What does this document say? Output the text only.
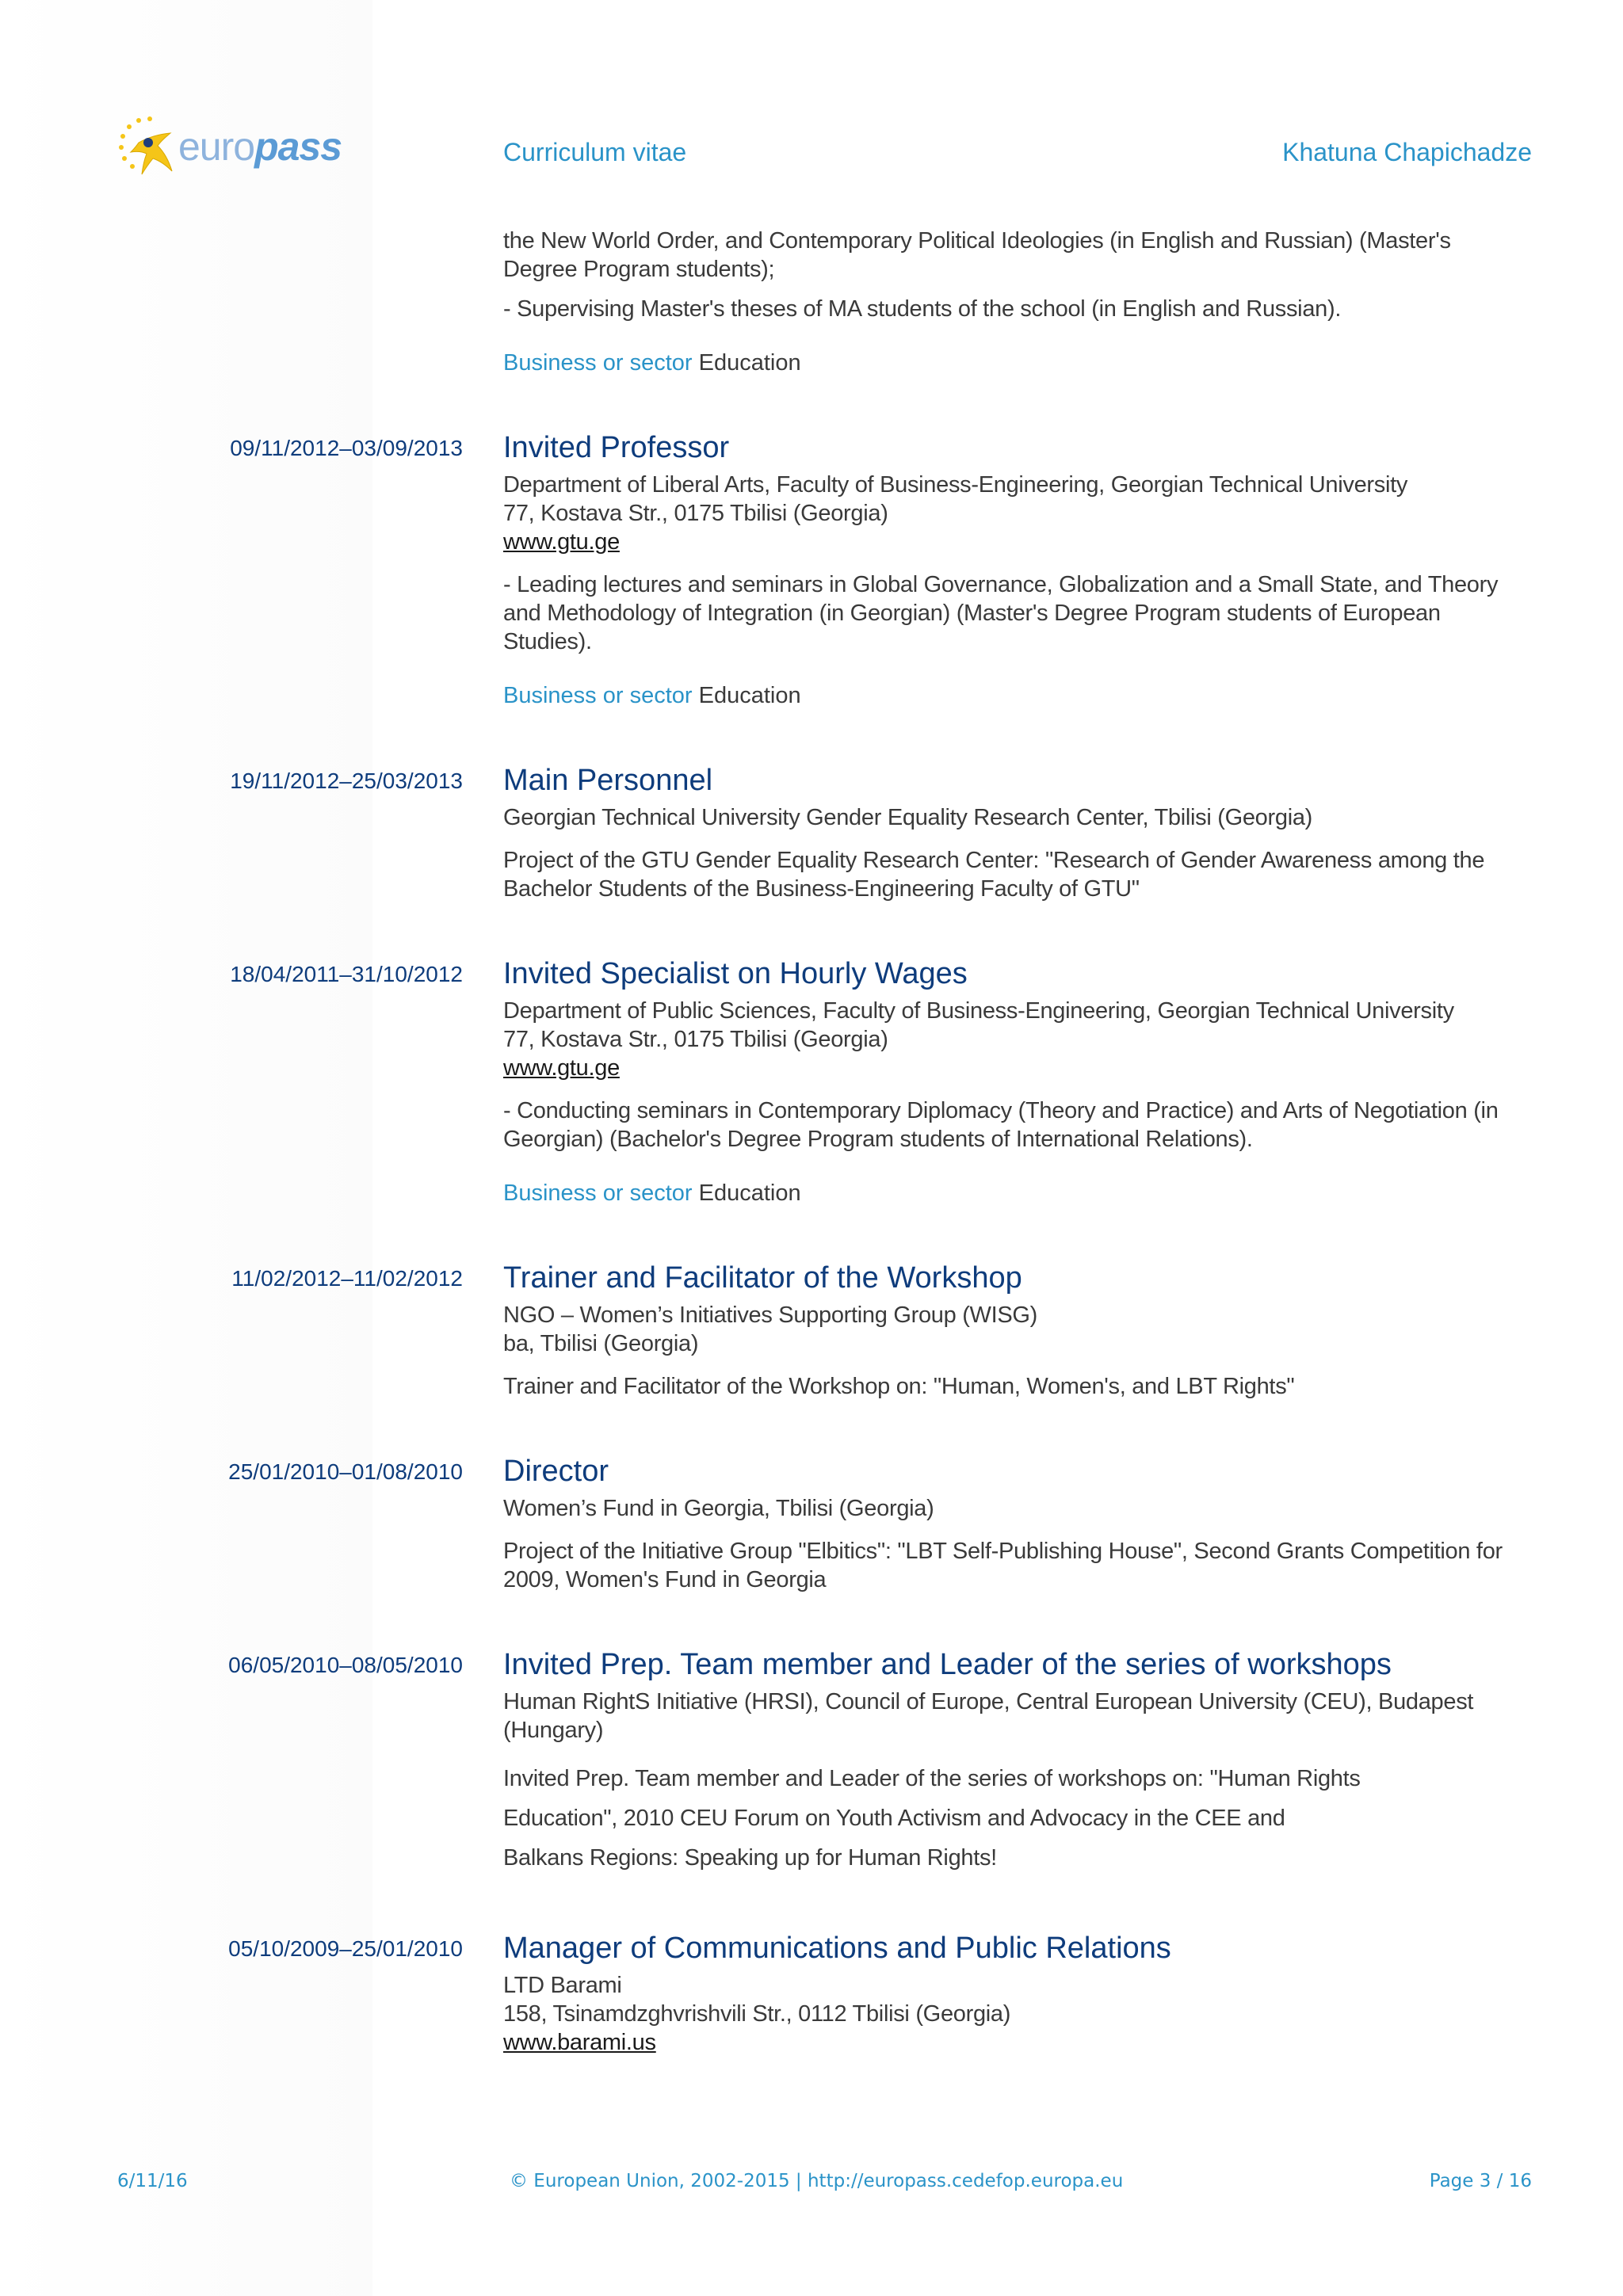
europass	Curriculum vitae	Khatuna Chapichadze
the New World Order, and Contemporary Political Ideologies (in English and Russian) (Master's
Degree Program students);
- Supervising Master's theses of MA students of the school (in English and Russian).
Business or sector Education
09/11/2012–03/09/2013 Invited Professor
Department of Liberal Arts, Faculty of Business-Engineering, Georgian Technical University
77, Kostava Str., 0175 Tbilisi (Georgia)
www.gtu.ge
- Leading lectures and seminars in Global Governance, Globalization and a Small State, and Theory
and Methodology of Integration (in Georgian) (Master's Degree Program students of European
Studies).
Business or sector Education
19/11/2012–25/03/2013 Main Personnel
Georgian Technical University Gender Equality Research Center, Tbilisi (Georgia)
Project of the GTU Gender Equality Research Center: "Research of Gender Awareness among the
Bachelor Students of the Business-Engineering Faculty of GTU"
18/04/2011–31/10/2012 Invited Specialist on Hourly Wages
Department of Public Sciences, Faculty of Business-Engineering, Georgian Technical University
77, Kostava Str., 0175 Tbilisi (Georgia)
www.gtu.ge
- Conducting seminars in Contemporary Diplomacy (Theory and Practice) and Arts of Negotiation (in
Georgian) (Bachelor's Degree Program students of International Relations).
Business or sector Education
11/02/2012–11/02/2012 Trainer and Facilitator of the Workshop
NGO – Women’s Initiatives Supporting Group (WISG)
ba, Tbilisi (Georgia)
Trainer and Facilitator of the Workshop on: "Human, Women's, and LBT Rights"
25/01/2010–01/08/2010 Director
Women’s Fund in Georgia, Tbilisi (Georgia)
Project of the Initiative Group "Elbitics": "LBT Self-Publishing House", Second Grants Competition for
2009, Women's Fund in Georgia
06/05/2010–08/05/2010 Invited Prep. Team member and Leader of the series of workshops
Human RightS Initiative (HRSI), Council of Europe, Central European University (CEU), Budapest
(Hungary)
Invited Prep. Team member and Leader of the series of workshops on: "Human Rights
Education", 2010 CEU Forum on Youth Activism and Advocacy in the CEE and
Balkans Regions: Speaking up for Human Rights!
05/10/2009–25/01/2010 Manager of Communications and Public Relations
LTD Barami
158, Tsinamdzghvrishvili Str., 0112 Tbilisi (Georgia)
www.barami.us
6/11/16	© European Union, 2002-2015 | http://europass.cedefop.europa.eu	Page 3 / 16
